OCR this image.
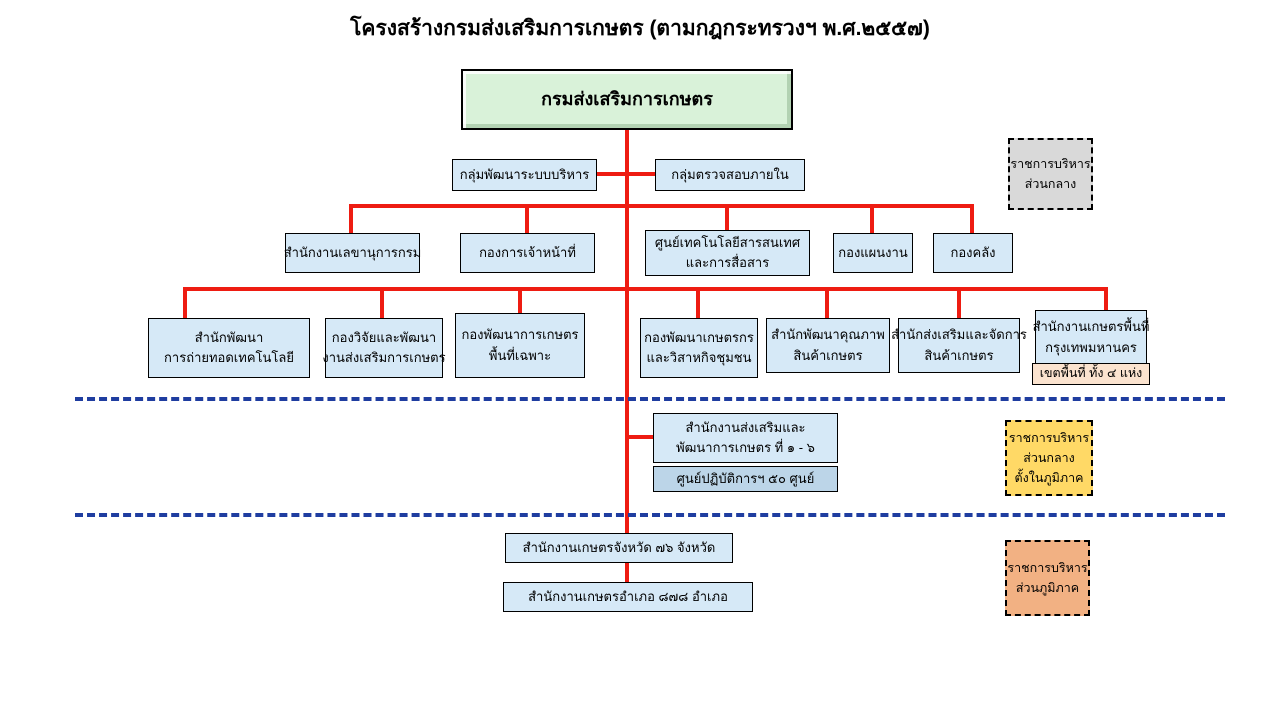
โครงสร้างกรมส่งเสริมการเกษตร (ตามกฎกระทรวงฯ พ.ศ.๒๕๕๗)
กรมส่งเสริมการเกษตร
กลุ่มพัฒนาระบบบริหาร	กลุ่มตรวจสอบภายใน
ราชการบริหาร
ส่วนกลาง
สำนักงานเลขานุการกรม	กองการเจ้าหน้าที่
ศูนย์เทคโนโลยีสารสนเทศ
และการสื่อสาร
กองแผนงาน	กองคลัง
สำนักพัฒนา
การถ่ายทอดเทคโนโลยี
กองวิจัยและพัฒนา
งานส่งเสริมการเกษตร
กองพัฒนาการเกษตร
พื้นที่เฉพาะ
กองพัฒนาเกษตรกร
และวิสาหกิจชุมชน
สำนักพัฒนาคุณภาพ
สินค้าเกษตร
สำนักส่งเสริมและจัดการ
สินค้าเกษตร
สำนักงานเกษตรพื้นที่
กรุงเทพมหานคร
เขตพื้นที่ ทั้ง ๔ แห่ง
สำนักงานส่งเสริมและ
พัฒนาการเกษตร ที่ ๑ - ๖
ศูนย์ปฏิบัติการฯ ๕๐ ศูนย์
ราชการบริหาร
ส่วนกลาง
ตั้งในภูมิภาค
สำนักงานเกษตรจังหวัด ๗๖ จังหวัด
สำนักงานเกษตรอำเภอ ๘๗๘ อำเภอ
ราชการบริหาร
ส่วนภูมิภาค
